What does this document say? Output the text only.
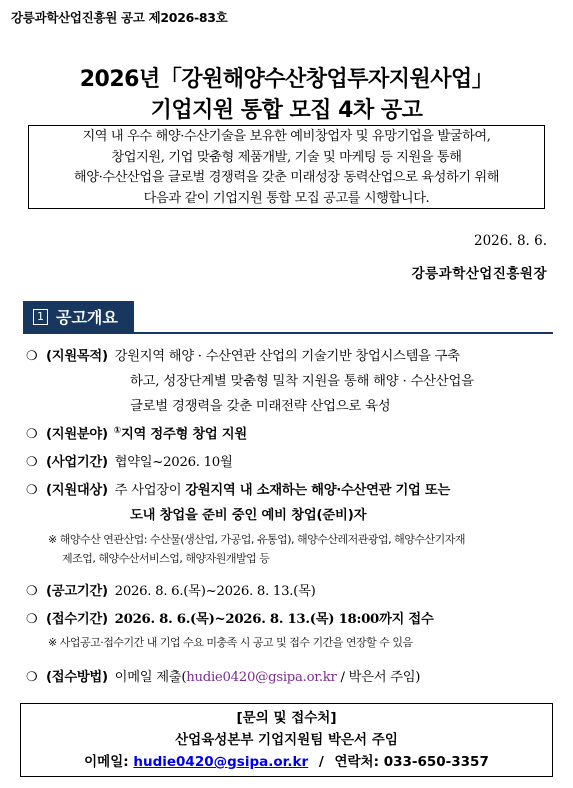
강릉과학산업진흥원 공고 제2026-83호
2026년「강원해양수산창업투자지원사업」
기업지원 통합 모집 4차 공고
지역 내 우수 해양·수산기술을 보유한 예비창업자 및 유망기업을 발굴하여,
창업지원, 기업 맞춤형 제품개발, 기술 및 마케팅 등 지원을 통해
해양·수산산업을 글로벌 경쟁력을 갖춘 미래성장 동력산업으로 육성하기 위해
다음과 같이 기업지원 통합 모집 공고를 시행합니다.
2026. 8. 6.
강릉과학산업진흥원장
1 공고개요
❍ (지원목적) 강원지역 해양 · 수산연관 산업의 기술기반 창업시스템을 구축
하고, 성장단계별 맞춤형 밀착 지원을 통해 해양 · 수산산업을
글로벌 경쟁력을 갖춘 미래전략 산업으로 육성
❍ (지원분야) ①지역 정주형 창업 지원
❍ (사업기간) 협약일~2026. 10월
❍ (지원대상) 주 사업장이 강원지역 내 소재하는 해양·수산연관 기업 또는
도내 창업을 준비 중인 예비 창업(준비)자
※ 해양수산 연관산업: 수산물(생산업, 가공업, 유통업), 해양수산레저관광업, 해양수산기자재
제조업, 해양수산서비스업, 해양자원개발업 등
❍ (공고기간) 2026. 8. 6.(목)~2026. 8. 13.(목)
❍ (접수기간) 2026. 8. 6.(목)~2026. 8. 13.(목) 18:00까지 접수
※ 사업공고·접수기간 내 기업 수요 미충족 시 공고 및 접수 기간을 연장할 수 있음
❍ (접수방법) 이메일 제출(hudie0420@gsipa.or.kr / 박은서 주임)
[문의 및 접수처]
산업육성본부 기업지원팀 박은서 주임
이메일: hudie0420@gsipa.or.kr / 연락처: 033-650-3357
